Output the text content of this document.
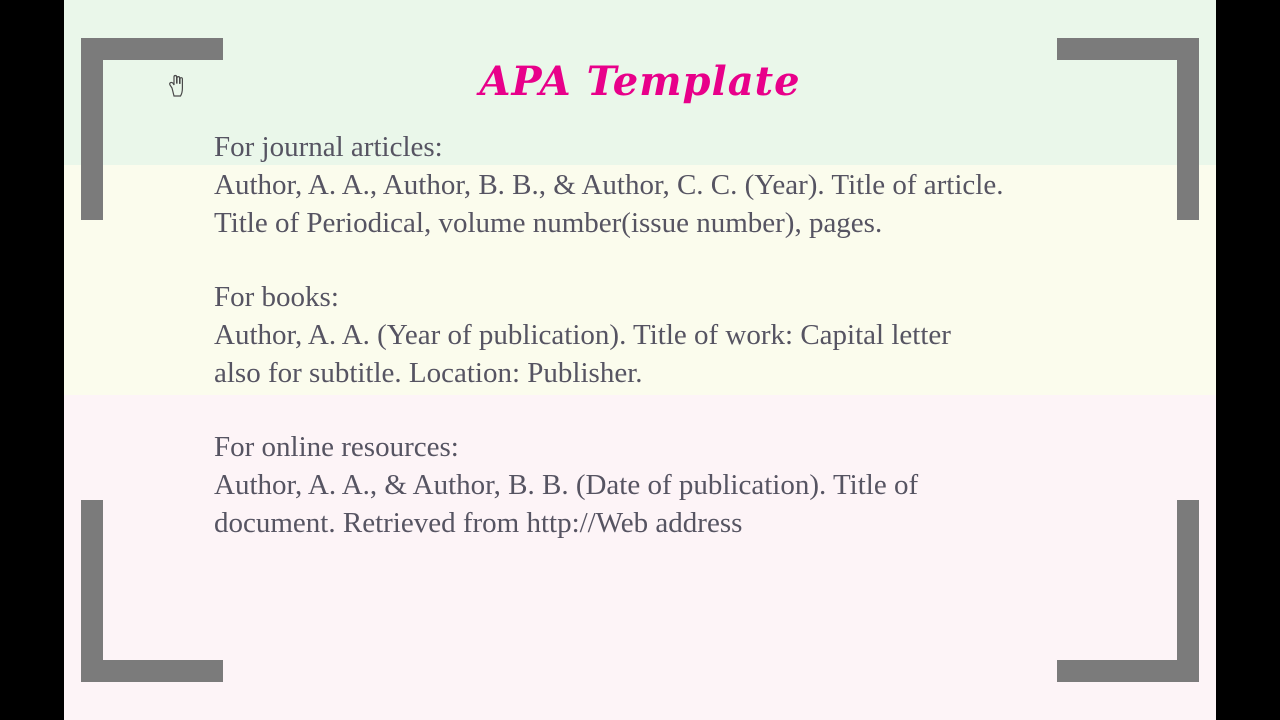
APA Template
For journal articles:
Author, A. A., Author, B. B., & Author, C. C. (Year). Title of article.
Title of Periodical, volume number(issue number), pages.
For books:
Author, A. A. (Year of publication). Title of work: Capital letter
also for subtitle. Location: Publisher.
For online resources:
Author, A. A., & Author, B. B. (Date of publication). Title of
document. Retrieved from http://Web address
